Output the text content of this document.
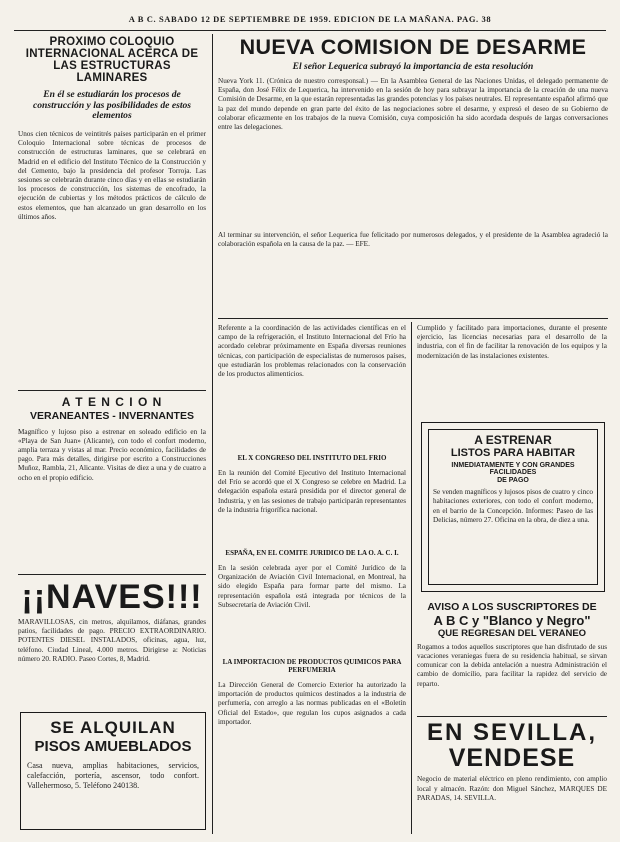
A B C. SABADO 12 DE SEPTIEMBRE DE 1959. EDICION DE LA MAÑANA. PAG. 38

PROXIMO COLOQUIO INTERNACIONAL ACERCA DE LAS ESTRUCTURAS LAMINARES

En él se estudiarán los procesos de construcción y las posibilidades de estos elementos

Unos cien técnicos de veintitrés países participarán en el primer Coloquio Internacional sobre técnicas de procesos de construcción de estructuras laminares, que se celebrará en Madrid en el edificio del Instituto Técnico de la Construcción y del Cemento, bajo la presidencia del profesor Torroja. Las sesiones se celebrarán durante cinco días y en ellas se estudiarán los procesos de construcción, los sistemas de encofrado, la ejecución de cubiertas y los métodos prácticos de cálculo de estos elementos, que han alcanzado un gran desarrollo en los últimos años.

A T E N C I O N

VERANEANTES - INVERNANTES

Magnífico y lujoso piso a estrenar en soleado edificio en la «Playa de San Juan» (Alicante), con todo el confort moderno, amplia terraza y vistas al mar. Precio económico, facilidades de pago. Para más detalles, dirigirse por escrito a Construcciones Muñoz, Rambla, 21, Alicante. Visitas de diez a una y de cuatro a ocho en el propio edificio.

¡¡NAVES!!!

MARAVILLOSAS, cin metros, alquilamos, diáfanas, grandes patios, facilidades de pago. PRECIO EXTRAORDINARIO. POTENTES DIESEL INSTALADOS, oficinas, agua, luz, teléfono. Ciudad Lineal, 4.000 metros. Dirigirse a: Noticias número 20. RADIO. Paseo Cortes, 8, Madrid.

SE ALQUILAN

PISOS AMUEBLADOS

Casa nueva, amplias habitaciones, servicios, calefacción, portería, ascensor, todo confort. Vallehermoso, 5. Teléfono 240138.

NUEVA COMISION DE DESARME

El señor Lequerica subrayó la importancia de esta resolución

Nueva York 11. (Crónica de nuestro corresponsal.) — En la Asamblea General de las Naciones Unidas, el delegado permanente de España, don José Félix de Lequerica, ha intervenido en la sesión de hoy para subrayar la importancia de la creación de una nueva Comisión de Desarme, en la que estarán representadas las grandes potencias y los países neutrales. El representante español afirmó que la paz del mundo depende en gran parte del éxito de las negociaciones sobre el desarme, y expresó el deseo de su Gobierno de colaborar eficazmente en los trabajos de la nueva Comisión, cuya composición ha sido acordada después de largas conversaciones entre las delegaciones.

Al terminar su intervención, el señor Lequerica fue felicitado por numerosos delegados, y el presidente de la Asamblea agradeció la colaboración española en la causa de la paz. — EFE.

Referente a la coordinación de las actividades científicas en el campo de la refrigeración, el Instituto Internacional del Frío ha acordado celebrar próximamente en España diversas reuniones técnicas, con participación de especialistas de numerosos países, que estudiarán los problemas relacionados con la conservación de los productos alimenticios.

EL X CONGRESO DEL INSTITUTO DEL FRIO

En la reunión del Comité Ejecutivo del Instituto Internacional del Frío se acordó que el X Congreso se celebre en Madrid. La delegación española estará presidida por el director general de Industria, y en las sesiones de trabajo participarán representantes de la industria frigorífica nacional.

ESPAÑA, EN EL COMITE JURIDICO DE LA O. A. C. I.

En la sesión celebrada ayer por el Comité Jurídico de la Organización de Aviación Civil Internacional, en Montreal, ha sido elegido España para formar parte del mismo. La representación española está integrada por técnicos de la Subsecretaría de Aviación Civil.

LA IMPORTACION DE PRODUCTOS QUIMICOS PARA PERFUMERIA

La Dirección General de Comercio Exterior ha autorizado la importación de productos químicos destinados a la industria de perfumería, con arreglo a las normas publicadas en el «Boletín Oficial del Estado», que regulan los cupos asignados a cada importador.

Cumplido y facilitado para importaciones, durante el presente ejercicio, las licencias necesarias para el desarrollo de la industria, con el fin de facilitar la renovación de los equipos y la modernización de las instalaciones existentes.

A ESTRENAR

LISTOS PARA HABITAR

INMEDIATAMENTE Y CON GRANDES FACILIDADES

DE PAGO

Se venden magníficos y lujosos pisos de cuatro y cinco habitaciones exteriores, con todo el confort moderno, en el barrio de la Concepción. Informes: Paseo de las Delicias, número 27. Oficina en la obra, de diez a una.

AVISO A LOS SUSCRIPTORES DE

A B C y "Blanco y Negro"

QUE REGRESAN DEL VERANEO

Rogamos a todos aquellos suscriptores que han disfrutado de sus vacaciones veraniegas fuera de su residencia habitual, se sirvan comunicar con la debida antelación a nuestra Administración el cambio de domicilio, para facilitar la rapidez del servicio de reparto.

EN SEVILLA,

VENDESE

Negocio de material eléctrico en pleno rendimiento, con amplio local y almacén. Razón: don Miguel Sánchez, MARQUES DE PARADAS, 14. SEVILLA.
